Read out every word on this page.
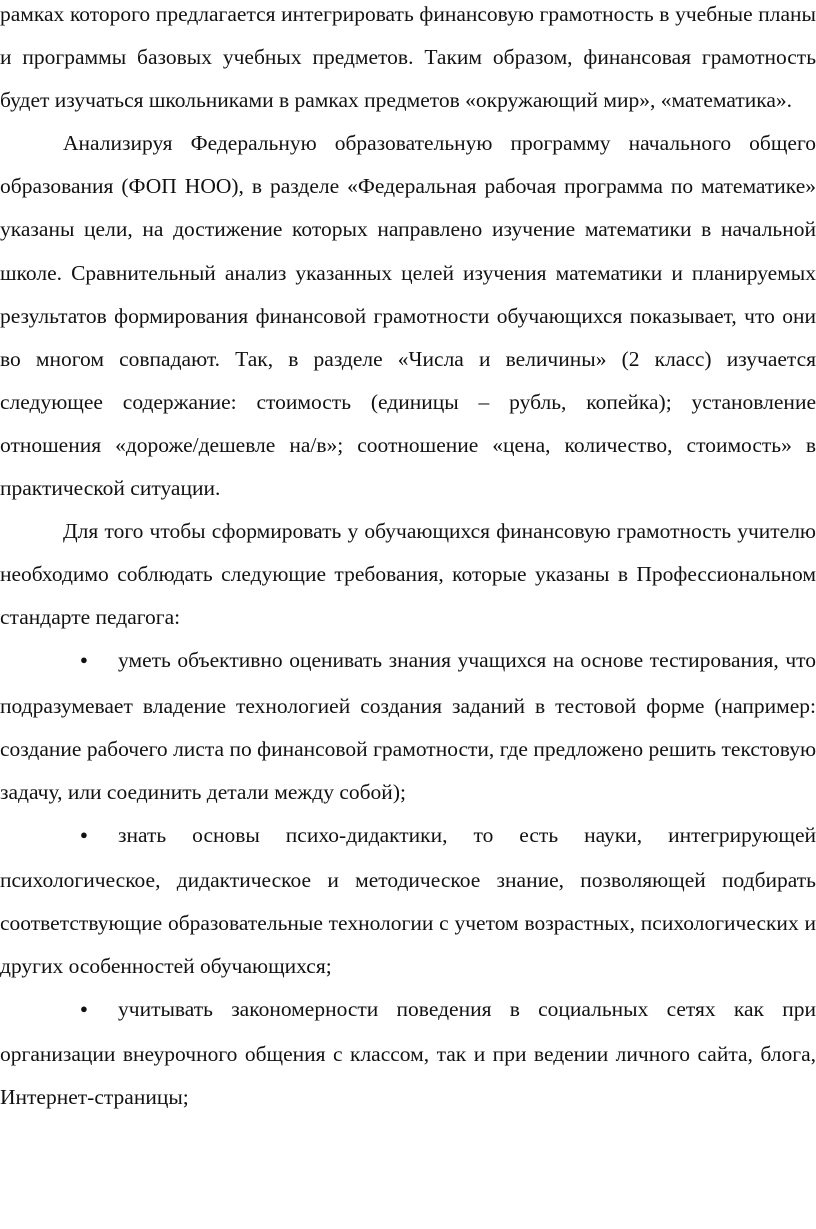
рамках которого предлагается интегрировать финансовую грамотность в учебные планы и программы базовых учебных предметов. Таким образом, финансовая грамотность будет изучаться школьниками в рамках предметов «окружающий мир», «математика».

Анализируя Федеральную образовательную программу начального общего образования (ФОП НОО), в разделе «Федеральная рабочая программа по математике» указаны цели, на достижение которых направлено изучение математики в начальной школе. Сравнительный анализ указанных целей изучения математики и планируемых результатов формирования финансовой грамотности обучающихся показывает, что они во многом совпадают. Так, в разделе «Числа и величины» (2 класс) изучается следующее содержание: стоимость (единицы – рубль, копейка); установление отношения «дороже/дешевле на/в»; соотношение «цена, количество, стоимость» в практической ситуации.

Для того чтобы сформировать у обучающихся финансовую грамотность учителю необходимо соблюдать следующие требования, которые указаны в Профессиональном стандарте педагога:

●уметь объективно оценивать знания учащихся на основе тестирования, что подразумевает владение технологией создания заданий в тестовой форме (например: создание рабочего листа по финансовой грамотности, где предложено решить текстовую задачу, или соединить детали между собой);
●знать основы психо-дидактики, то есть науки, интегрирующей психологическое, дидактическое и методическое знание, позволяющей подбирать соответствующие образовательные технологии с учетом возрастных, психологических и других особенностей обучающихся;
●учитывать закономерности поведения в социальных сетях как при организации внеурочного общения с классом, так и при ведении личного сайта, блога, Интернет-страницы;
